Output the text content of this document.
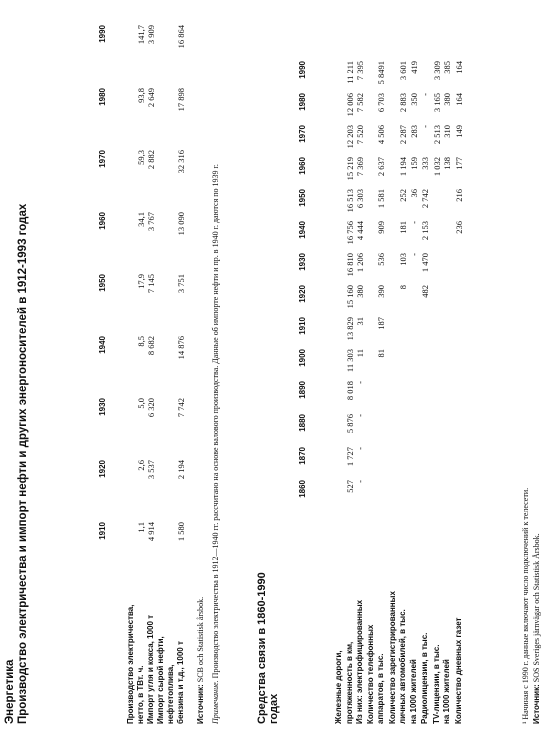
Энергетика Производство электричества и импорт нефти и других энергоносителей в 1912-1993 годах	1910
1920
1930
1940
1950
1960
1970
1980
1990
Производство электричества, нетто, в ТВт. ч.
1,1
2,6
5,0
8,5
17,9
34,1
59,3
93,8
141,7
Импорт угля и кокса, 1000 т
4 914
3 537
6 320
8 682
7 145
3 767
2 882
2 649
3 909
Импорт сырой нефти, нефтетоплива, бензина и т.д., 1000 т
1 580
2 194
7 742
14 876
3 751
13 090
32 316
17 898
16 864
Источник: SCB och Statistisk årsbok.
Примечание. Производство электричества в 1912—1940 гг. рассчитано на основе валового производства. Данные об импорте нефти и пр. в 1940 г. даются по 1939 г.	Средства связи в 1860-1990 годах
1860
1870
1880
1890
1900
1910
1920
1930
1940
1950
1960
1970
1980
1990
Железные дороги, протяженность в км,
527
1 727
5 876
8 018
11 303
13 829
15 160
16 810
16 756
16 513
15 219
12 203
12 006
11 211
Из них: электрофицированных
-
-
-
-
11
31
380
1 206
4 444
6 303
7 369
7 520
7 582
7 395
Количество телефонных аппаратов, в тыс.
81
187
390
536
909
1 581
2 637
4 506
6 703
5 8491
Количество зарегистрированных личных автомобилей, в тыс.
8
103
181
252
1 194
2 287
2 883
3 601
на 1000 жителей
-
-
36
159
283
350
419
Радиолицензии, в тыс.
482
1 470
2 153
2 742
333
-
-
TV-лицензии, в тыс.
1 032
2 513
3 165
3 309
на 1000 жителей
138
310
380
385
Количество дневных газет
236
216
177
149
164
164
¹ Начиная с 1990 г. данные включают число подключений к телесети. Источник: SOS Sveriges järnvägar och Statistisk Årsbok.
